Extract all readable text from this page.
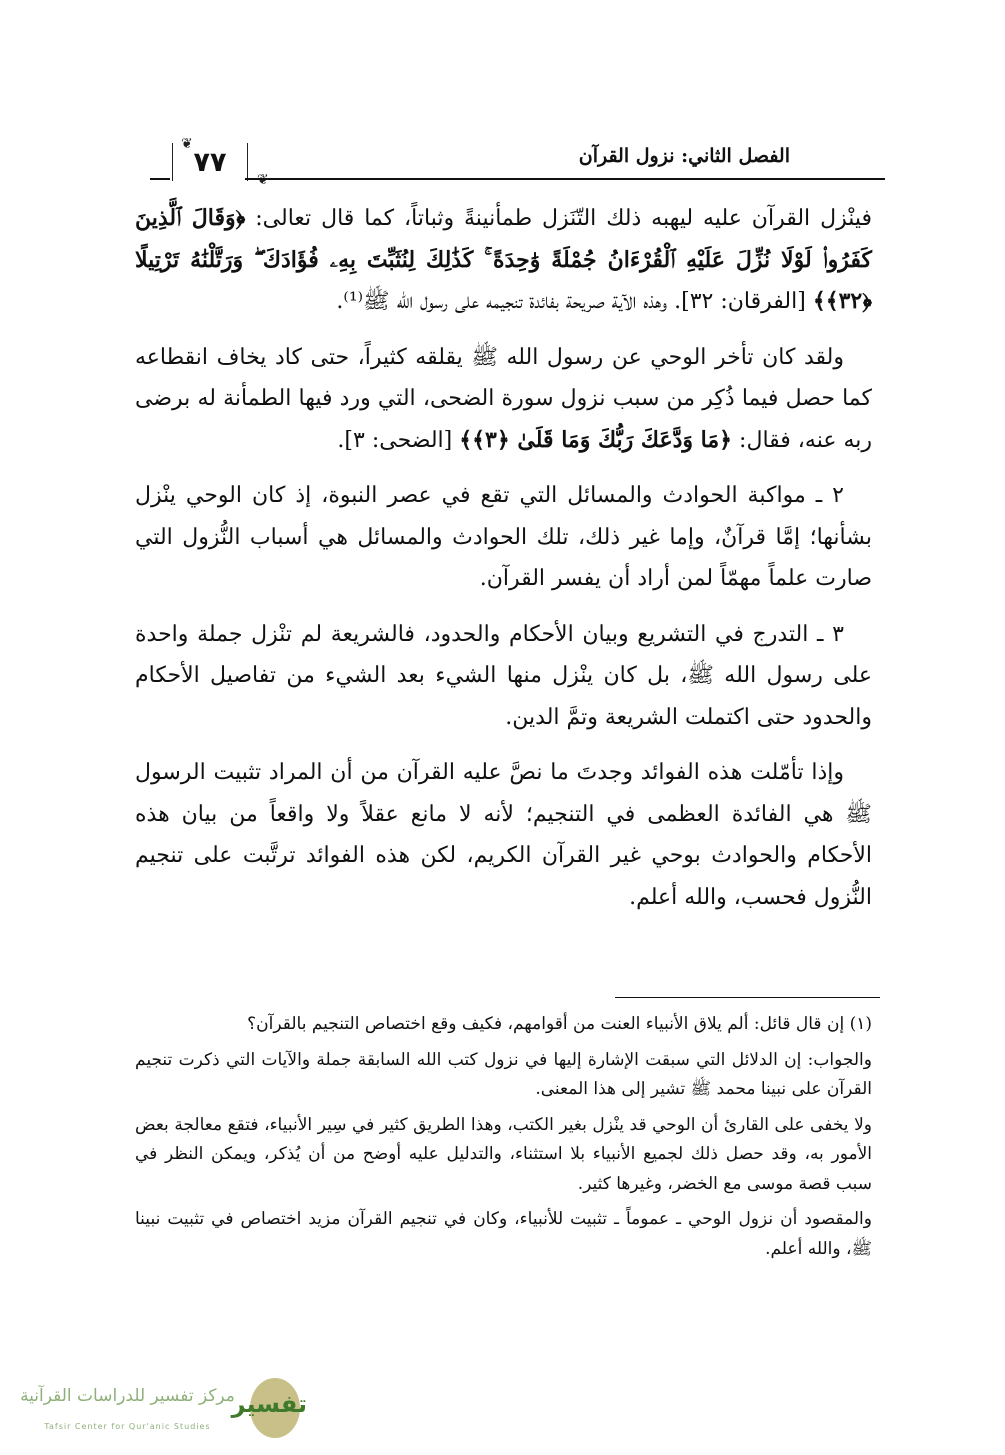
❦
❦
٧٧	الفصل الثاني: نزول القرآن

فينْزل القرآن عليه ليهبه ذلك التّنَزل طمأنينةً وثباتاً، كما قال تعالى: ﴿وَقَالَ ٱلَّذِينَ كَفَرُوا۟ لَوْلَا نُزِّلَ عَلَيْهِ ٱلْقُرْءَانُ جُمْلَةً وَٰحِدَةً ۚ كَذَٰلِكَ لِنُثَبِّتَ بِهِۦ فُؤَادَكَ ۖ وَرَتَّلْنَٰهُ تَرْتِيلًا ﴿٣٢﴾﴾ [الفرقان: ٣٢]. وهذه الآية صريحة بفائدة تنجيمه على رسول الله ﷺ⁽¹⁾.

ولقد كان تأخر الوحي عن رسول الله ﷺ يقلقه كثيراً، حتى كاد يخاف انقطاعه كما حصل فيما ذُكِر من سبب نزول سورة الضحى، التي ورد فيها الطمأنة له برضى ربه عنه، فقال: ﴿مَا وَدَّعَكَ رَبُّكَ وَمَا قَلَىٰ ﴿٣﴾﴾ [الضحى: ٣].

٢ ـ مواكبة الحوادث والمسائل التي تقع في عصر النبوة، إذ كان الوحي ينْزل بشأنها؛ إمَّا قرآنٌ، وإما غير ذلك، تلك الحوادث والمسائل هي أسباب النُّزول التي صارت علماً مهمّاً لمن أراد أن يفسر القرآن.

٣ ـ التدرج في التشريع وبيان الأحكام والحدود، فالشريعة لم تنْزل جملة واحدة على رسول الله ﷺ، بل كان ينْزل منها الشيء بعد الشيء من تفاصيل الأحكام والحدود حتى اكتملت الشريعة وتمَّ الدين.

وإذا تأمّلت هذه الفوائد وجدتَ ما نصَّ عليه القرآن من أن المراد تثبيت الرسول ﷺ هي الفائدة العظمى في التنجيم؛ لأنه لا مانع عقلاً ولا واقعاً من بيان هذه الأحكام والحوادث بوحي غير القرآن الكريم، لكن هذه الفوائد ترتَّبت على تنجيم النُّزول فحسب، والله أعلم.

(١) إن قال قائل: ألم يلاق الأنبياء العنت من أقوامهم، فكيف وقع اختصاص التنجيم بالقرآن؟

والجواب: إن الدلائل التي سبقت الإشارة إليها في نزول كتب الله السابقة جملة والآيات التي ذكرت تنجيم القرآن على نبينا محمد ﷺ تشير إلى هذا المعنى.

ولا يخفى على القارئ أن الوحي قد ينْزل بغير الكتب، وهذا الطريق كثير في سِير الأنبياء، فتقع معالجة بعض الأمور به، وقد حصل ذلك لجميع الأنبياء بلا استثناء، والتدليل عليه أوضح من أن يُذكر، ويمكن النظر في سبب قصة موسى مع الخضر، وغيرها كثير.

والمقصود أن نزول الوحي ـ عموماً ـ تثبيت للأنبياء، وكان في تنجيم القرآن مزيد اختصاص في تثبيت نبينا ﷺ، والله أعلم.

تفسير
مركز تفسير للدراسات القرآنية
Tafsir Center for Qur'anic Studies
